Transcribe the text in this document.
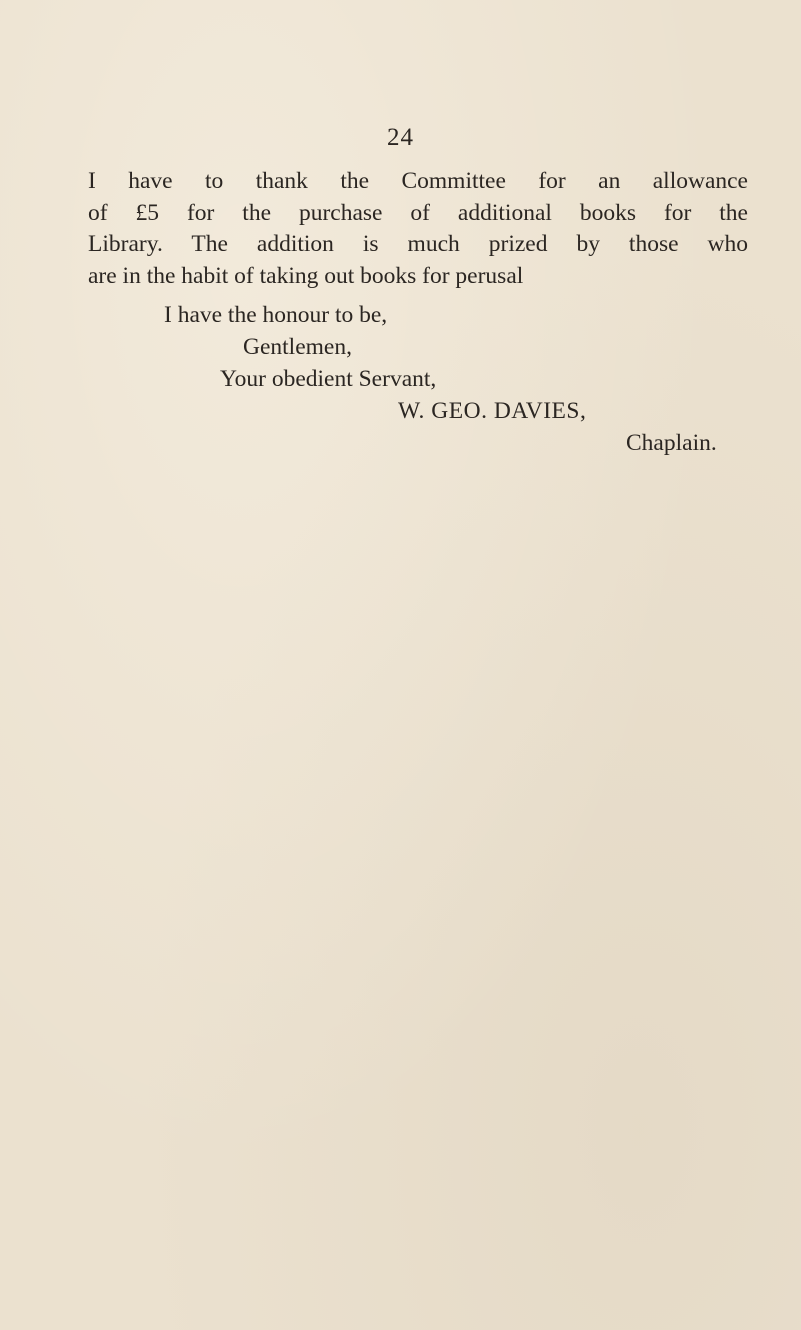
24
I have to thank the Committee for an allowance
of £5 for the purchase of additional books for the
Library. The addition is much prized by those who
are in the habit of taking out books for perusal
I have the honour to be,
Gentlemen,
Your obedient Servant,
W. GEO. DAVIES,
Chaplain.
